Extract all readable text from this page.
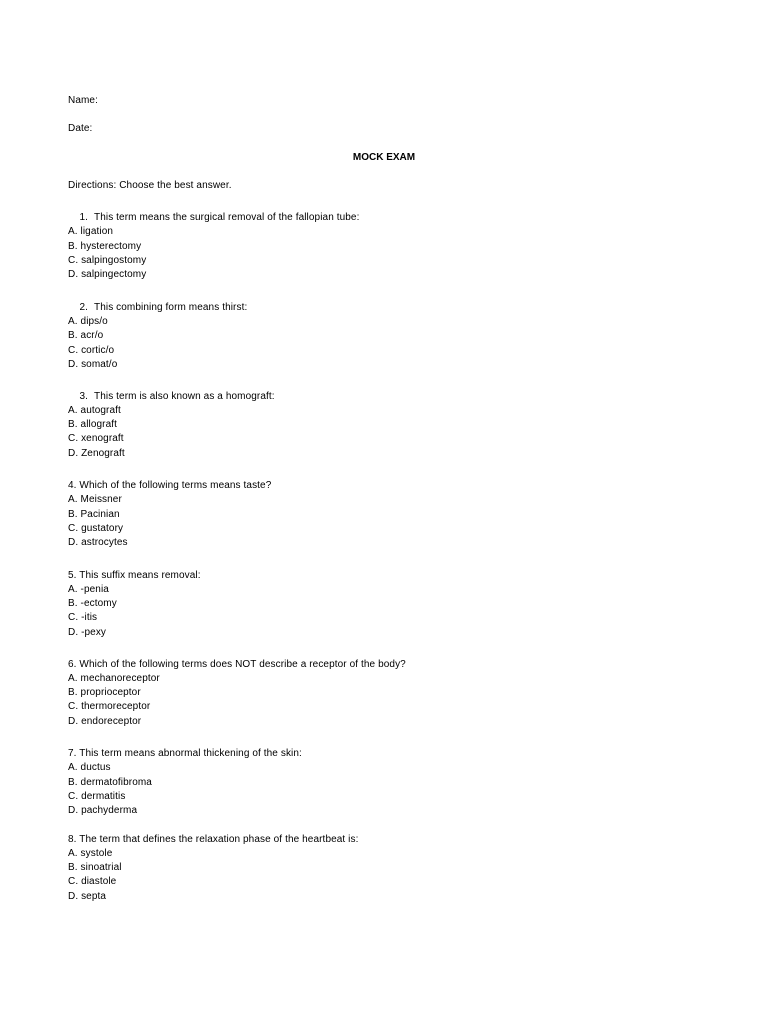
Name:
Date:
MOCK EXAM
Directions: Choose the best answer.
1. This term means the surgical removal of the fallopian tube:
A. ligation
B. hysterectomy
C. salpingostomy
D. salpingectomy
2. This combining form means thirst:
A. dips/o
B. acr/o
C. cortic/o
D. somat/o
3. This term is also known as a homograft:
A. autograft
B. allograft
C. xenograft
D. Zenograft
4. Which of the following terms means taste?
A. Meissner
B. Pacinian
C. gustatory
D. astrocytes
5. This suffix means removal:
A. -penia
B. -ectomy
C. -itis
D. -pexy
6. Which of the following terms does NOT describe a receptor of the body?
A. mechanoreceptor
B. proprioceptor
C. thermoreceptor
D. endoreceptor
7. This term means abnormal thickening of the skin:
A. ductus
B. dermatofibroma
C. dermatitis
D. pachyderma
8. The term that defines the relaxation phase of the heartbeat is:
A. systole
B. sinoatrial
C. diastole
D. septa
